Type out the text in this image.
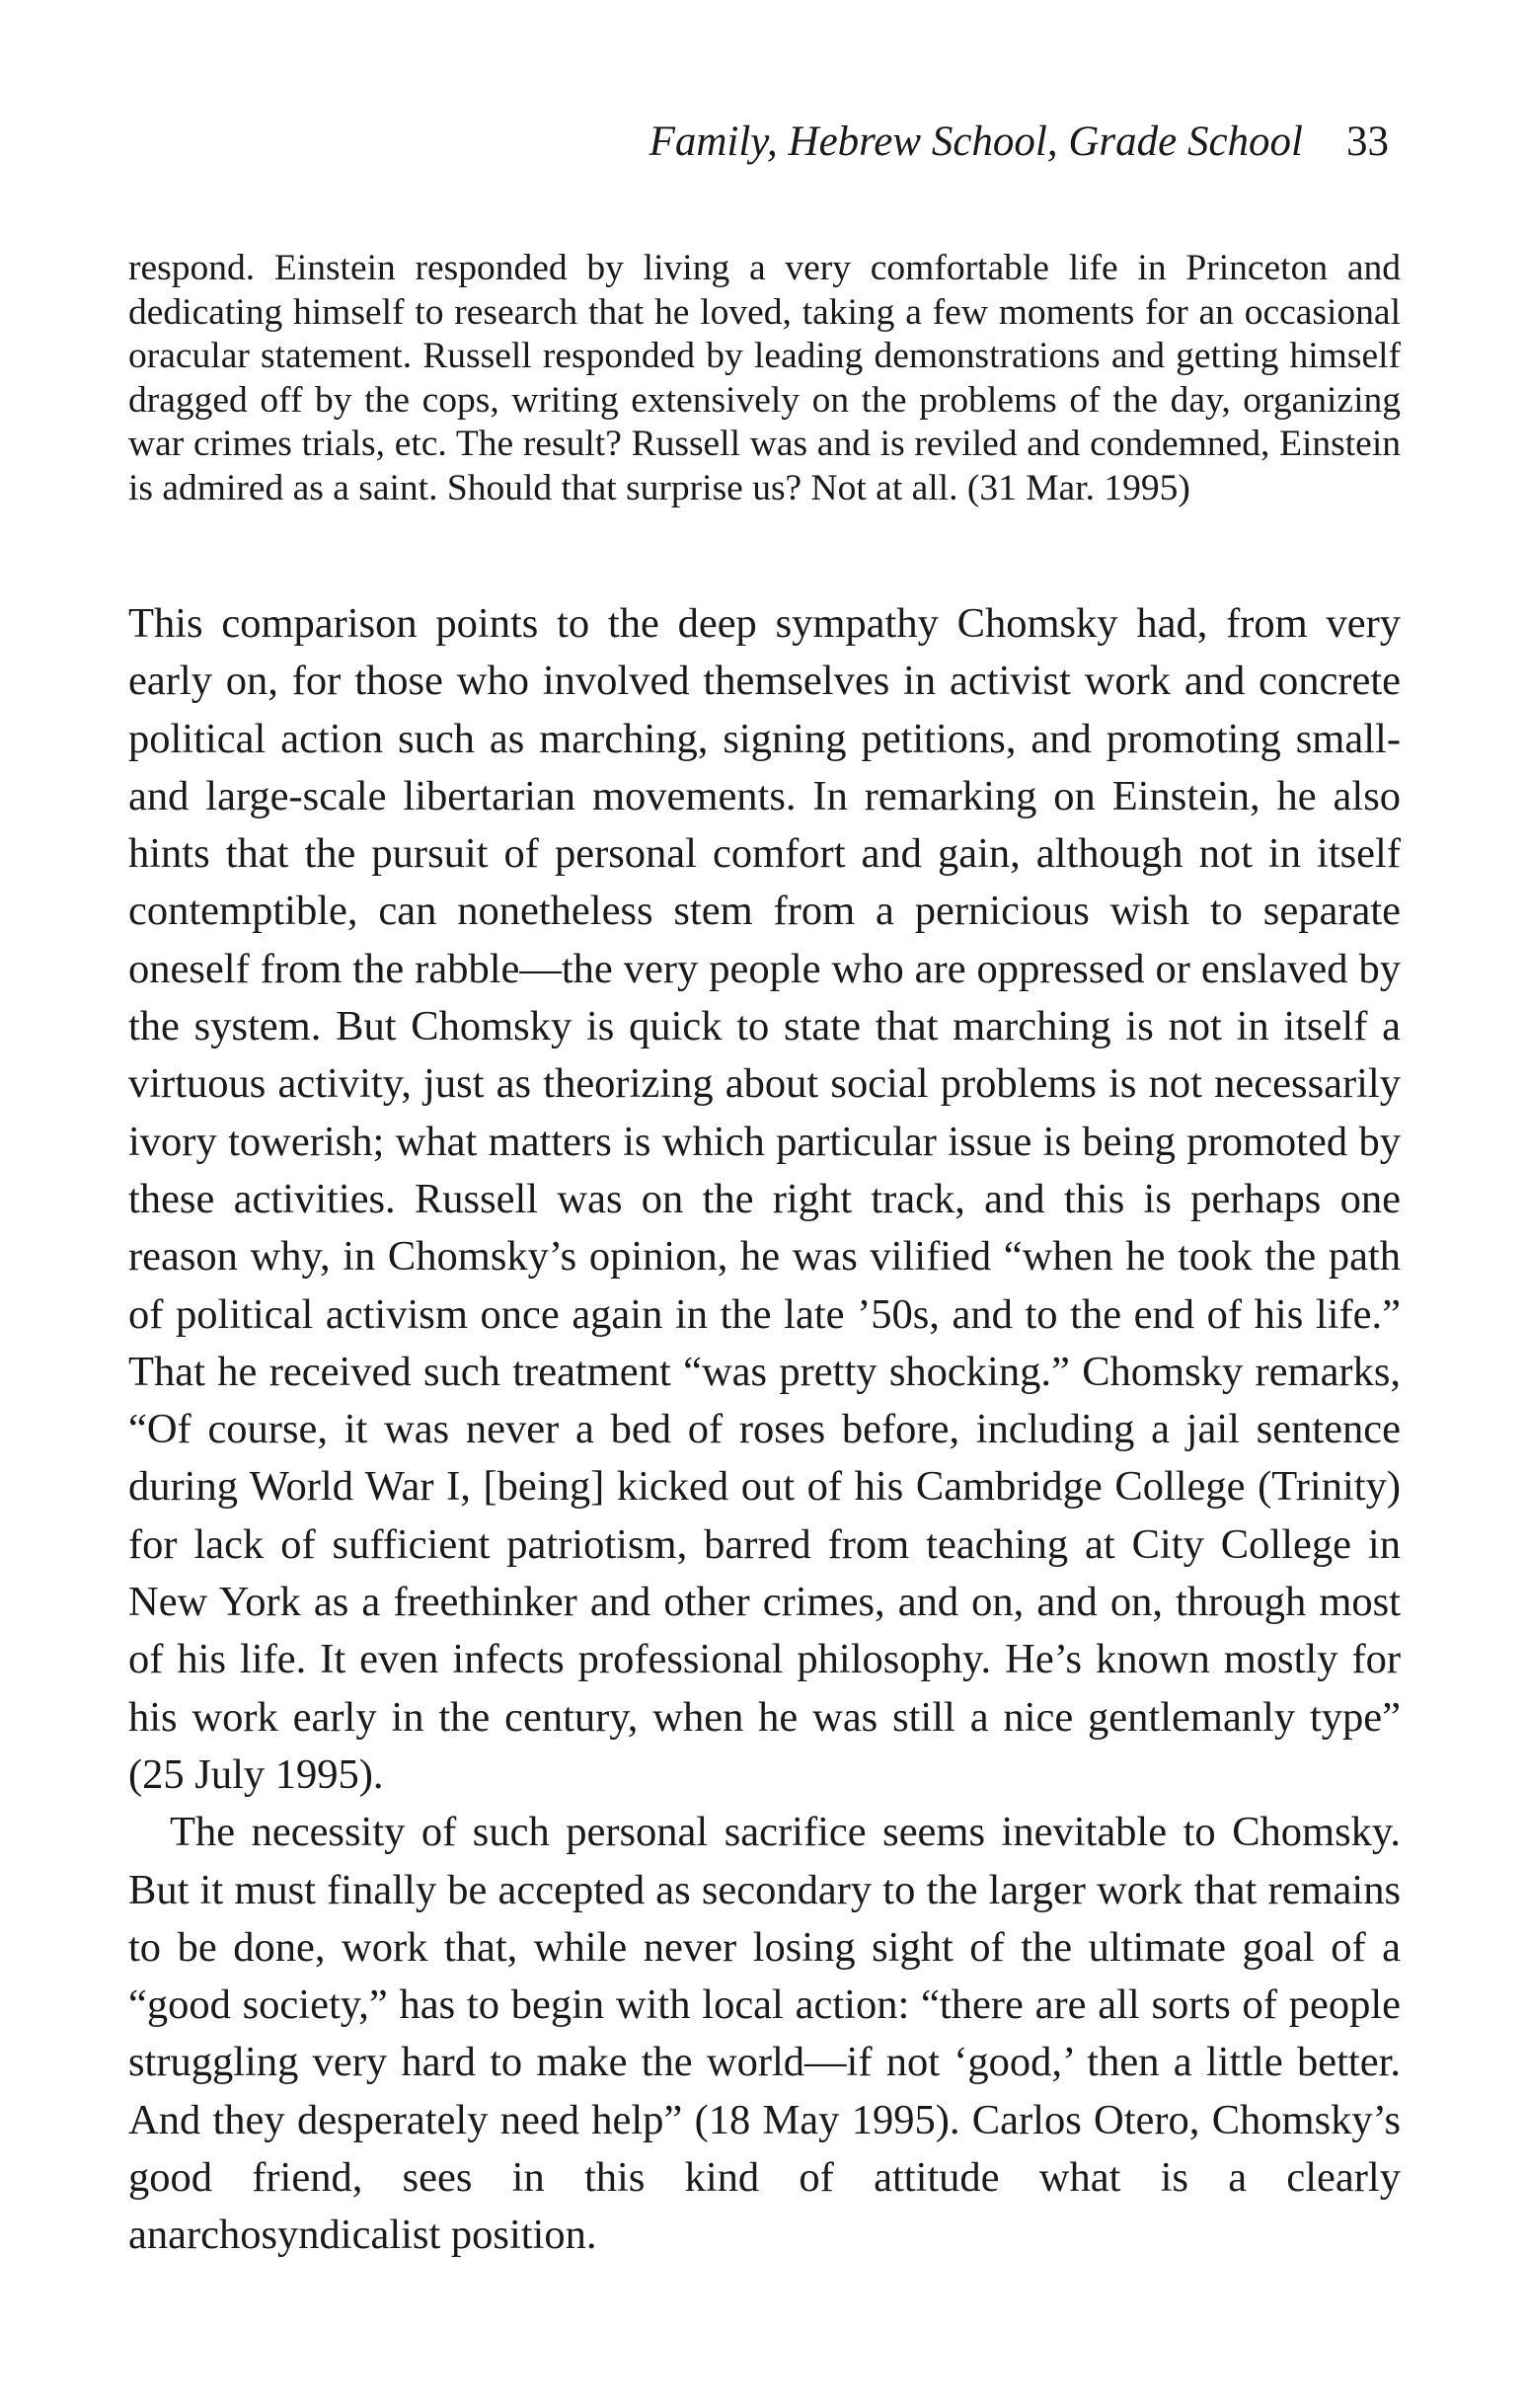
Family, Hebrew School, Grade School 33
respond. Einstein responded by living a very comfortable life in Princeton and dedicating himself to research that he loved, taking a few moments for an occasional oracular statement. Russell responded by leading demonstrations and getting himself dragged off by the cops, writing extensively on the problems of the day, organizing war crimes trials, etc. The result? Russell was and is reviled and condemned, Einstein is admired as a saint. Should that surprise us? Not at all. (31 Mar. 1995)

This comparison points to the deep sympathy Chomsky had, from very early on, for those who involved themselves in activist work and concrete political action such as marching, signing petitions, and promoting small- and large-scale libertarian movements. In remarking on Einstein, he also hints that the pursuit of personal comfort and gain, although not in itself contemptible, can nonetheless stem from a pernicious wish to separate oneself from the rabble—the very people who are oppressed or enslaved by the system. But Chomsky is quick to state that marching is not in itself a virtuous activity, just as theorizing about social problems is not necessarily ivory towerish; what matters is which particular issue is being promoted by these activities. Russell was on the right track, and this is perhaps one reason why, in Chomsky’s opinion, he was vilified “when he took the path of political activism once again in the late ’50s, and to the end of his life.” That he received such treatment “was pretty shocking.” Chomsky remarks, “Of course, it was never a bed of roses before, including a jail sentence during World War I, [being] kicked out of his Cambridge College (Trinity) for lack of sufficient patriotism, barred from teaching at City College in New York as a freethinker and other crimes, and on, and on, through most of his life. It even infects professional philosophy. He’s known mostly for his work early in the century, when he was still a nice gentlemanly type” (25 July 1995).

The necessity of such personal sacrifice seems inevitable to Chomsky. But it must finally be accepted as secondary to the larger work that remains to be done, work that, while never losing sight of the ultimate goal of a “good society,” has to begin with local action: “there are all sorts of people struggling very hard to make the world—if not ‘good,’ then a little better. And they desperately need help” (18 May 1995). Carlos Otero, Chomsky’s good friend, sees in this kind of attitude what is a clearly anarchosyndicalist position.
